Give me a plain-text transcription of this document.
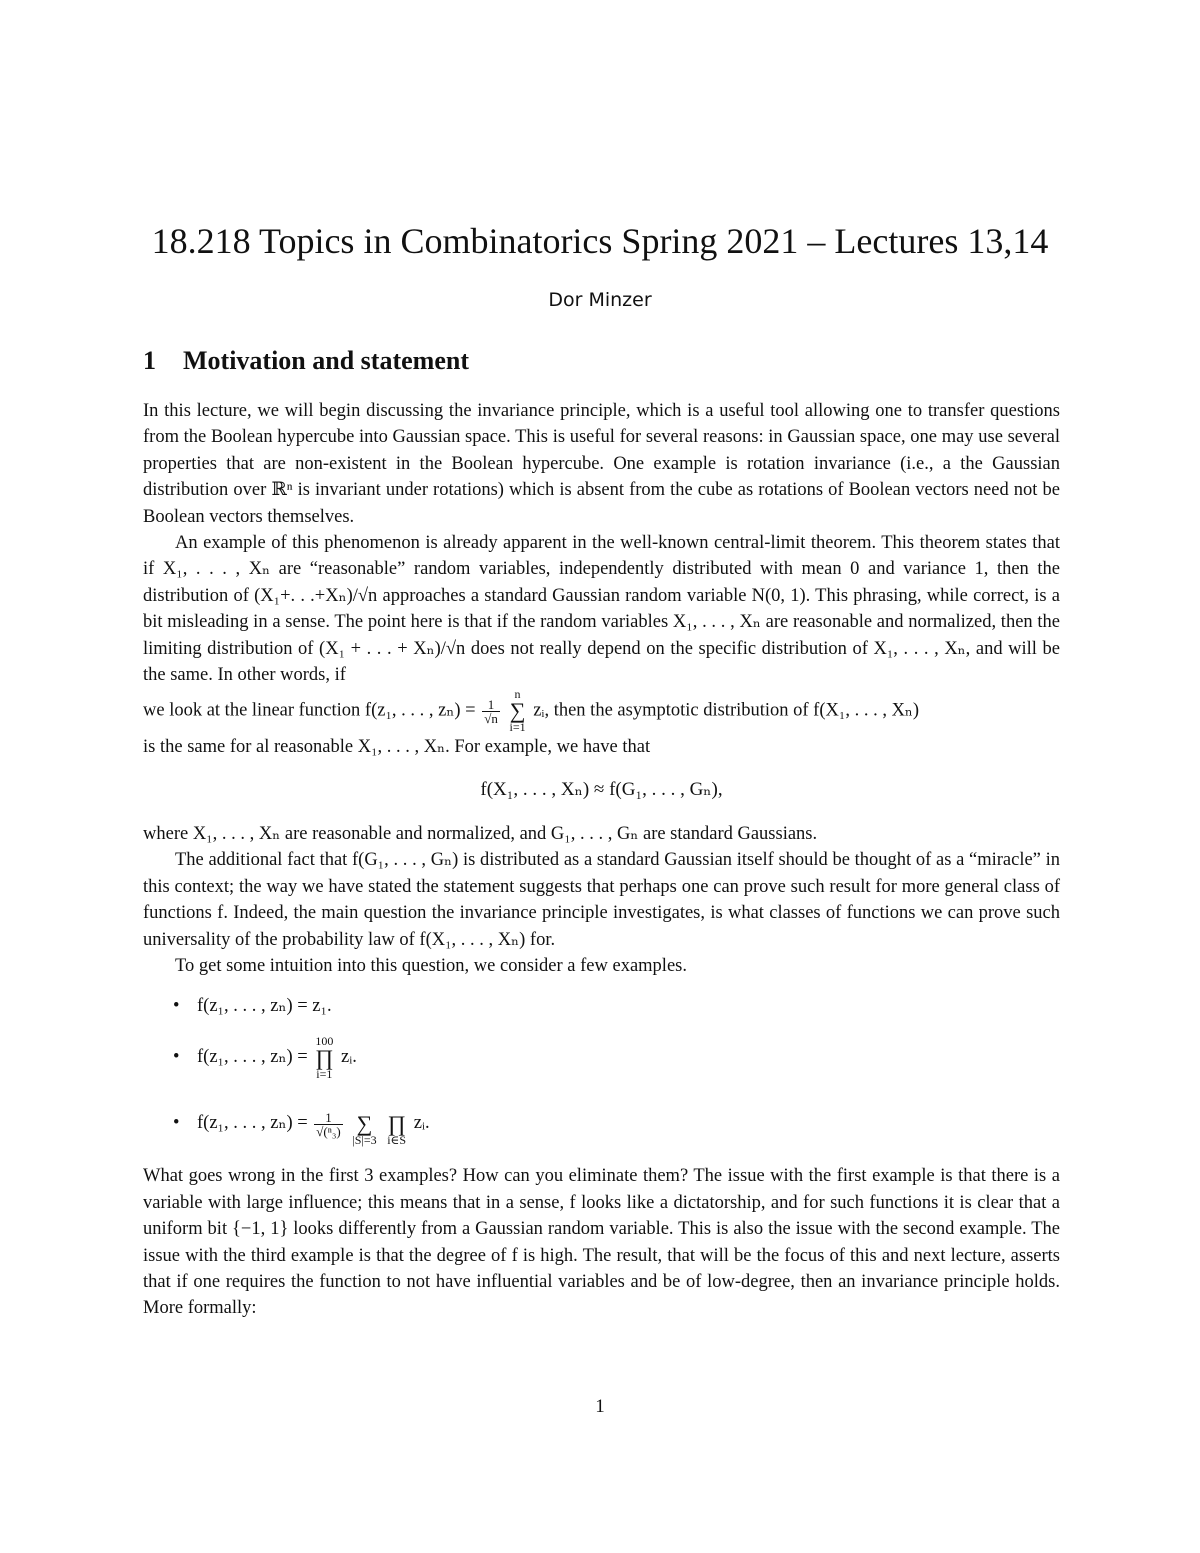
18.218 Topics in Combinatorics Spring 2021 – Lectures 13,14
Dor Minzer
1 Motivation and statement

In this lecture, we will begin discussing the invariance principle, which is a useful tool allowing one to transfer questions from the Boolean hypercube into Gaussian space. This is useful for several reasons: in Gaussian space, one may use several properties that are non-existent in the Boolean hypercube. One example is rotation invariance (i.e., a the Gaussian distribution over ℝⁿ is invariant under rotations) which is absent from the cube as rotations of Boolean vectors need not be Boolean vectors themselves.

An example of this phenomenon is already apparent in the well-known central-limit theorem. This theorem states that if X₁, . . . , Xₙ are “reasonable” random variables, independently distributed with mean 0 and variance 1, then the distribution of (X₁+. . .+Xₙ)/√n approaches a standard Gaussian random variable N(0, 1). This phrasing, while correct, is a bit misleading in a sense. The point here is that if the random variables X₁, . . . , Xₙ are reasonable and normalized, then the limiting distribution of (X₁ + . . . + Xₙ)/√n does not really depend on the specific distribution of X₁, . . . , Xₙ, and will be the same. In other words, if

we look at the linear function f(z₁, . . . , $z_n) = \frac{1}{√n}$

n
∑
i=1
zᵢ, then the asymptotic distribution of f(X₁, . . . , Xₙ)

is the same for al reasonable X₁, . . . , Xₙ. For example, we have that

f(X₁, . . . , Xₙ) ≈ f(G₁, . . . , Gₙ),

where X₁, . . . , Xₙ are reasonable and normalized, and G₁, . . . , Gₙ are standard Gaussians.

The additional fact that f(G₁, . . . , Gₙ) is distributed as a standard Gaussian itself should be thought of as a “miracle” in this context; the way we have stated the statement suggests that perhaps one can prove such result for more general class of functions f. Indeed, the main question the invariance principle investigates, is what classes of functions we can prove such universality of the probability law of f(X₁, . . . , Xₙ) for.

To get some intuition into this question, we consider a few examples.

• f(z₁, . . . , zₙ) = z₁.
• f(z₁, . . . , zₙ) =
100
∏
i=1
zᵢ.
• f(z₁, . . . , $z_n) = \frac{1}{\text{√(ⁿ₃)}}$

∑
|S|=3

∏
i∈S
zᵢ.

What goes wrong in the first 3 examples? How can you eliminate them? The issue with the first example is that there is a variable with large influence; this means that in a sense, f looks like a dictatorship, and for such functions it is clear that a uniform bit {−1, 1} looks differently from a Gaussian random variable. This is also the issue with the second example. The issue with the third example is that the degree of f is high. The result, that will be the focus of this and next lecture, asserts that if one requires the function to not have influential variables and be of low-degree, then an invariance principle holds. More formally:

1
